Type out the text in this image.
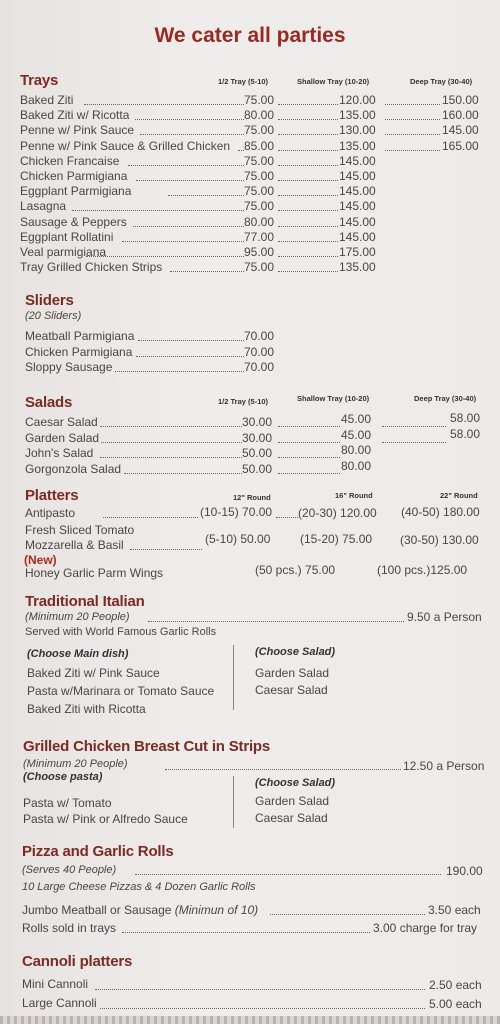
We cater all parties
Trays	1/2 Tray (5-10)	Shallow Tray (10-20)	Deep Tray (30-40)
Baked Ziti	75.00	120.00	150.00
Baked Ziti w/ Ricotta	80.00	135.00	160.00
Penne w/ Pink Sauce	75.00	130.00	145.00
Penne w/ Pink Sauce & Grilled Chicken 85.00	135.00	165.00
Chicken Francaise	75.00	145.00
Chicken Parmigiana	75.00	145.00
Eggplant Parmigiana	75.00	145.00
Lasagna	75.00	145.00
Sausage & Peppers	80.00	145.00
Eggplant Rollatini	77.00	145.00
Veal parmigiana	95.00	175.00
Tray Grilled Chicken Strips	75.00	135.00
Sliders
(20 Sliders)
Meatball Parmigiana	70.00
Chicken Parmigiana	70.00
Sloppy Sausage	70.00
Salads	1/2 Tray (5-10)	Shallow Tray (10-20)	Deep Tray (30-40)
Caesar Salad	30.00	45.00	58.00
Garden Salad	30.00	45.00	58.00
John's Salad	50.00	80.00
Gorgonzola Salad	50.00	80.00
Platters	12" Round	16" Round	22" Round
Antipasto	(10-15) 70.00 (20-30) 120.00 (40-50) 180.00
Fresh Sliced Tomato
Mozzarella & Basil	(5-10) 50.00 (15-20) 75.00 (30-50) 130.00
(New)
Honey Garlic Parm Wings	(50 pcs.) 75.00	(100 pcs.)125.00
Traditional Italian
(Minimum 20 People)	9.50 a Person
Served with World Famous Garlic Rolls
(Choose Main dish)
Baked Ziti w/ Pink Sauce
Pasta w/Marinara or Tomato Sauce
Baked Ziti with Ricotta
(Choose Salad)
Garden Salad
Caesar Salad
Grilled Chicken Breast Cut in Strips
(Minimum 20 People)	12.50 a Person
(Choose pasta)
Pasta w/ Tomato
Pasta w/ Pink or Alfredo Sauce
(Choose Salad)
Garden Salad
Caesar Salad
Pizza and Garlic Rolls
(Serves 40 People)	190.00
10 Large Cheese Pizzas & 4 Dozen Garlic Rolls
Jumbo Meatball or Sausage (Minimun of 10)	3.50 each
Rolls sold in trays	3.00 charge for tray
Cannoli platters
Mini Cannoli	2.50 each
Large Cannoli	5.00 each
